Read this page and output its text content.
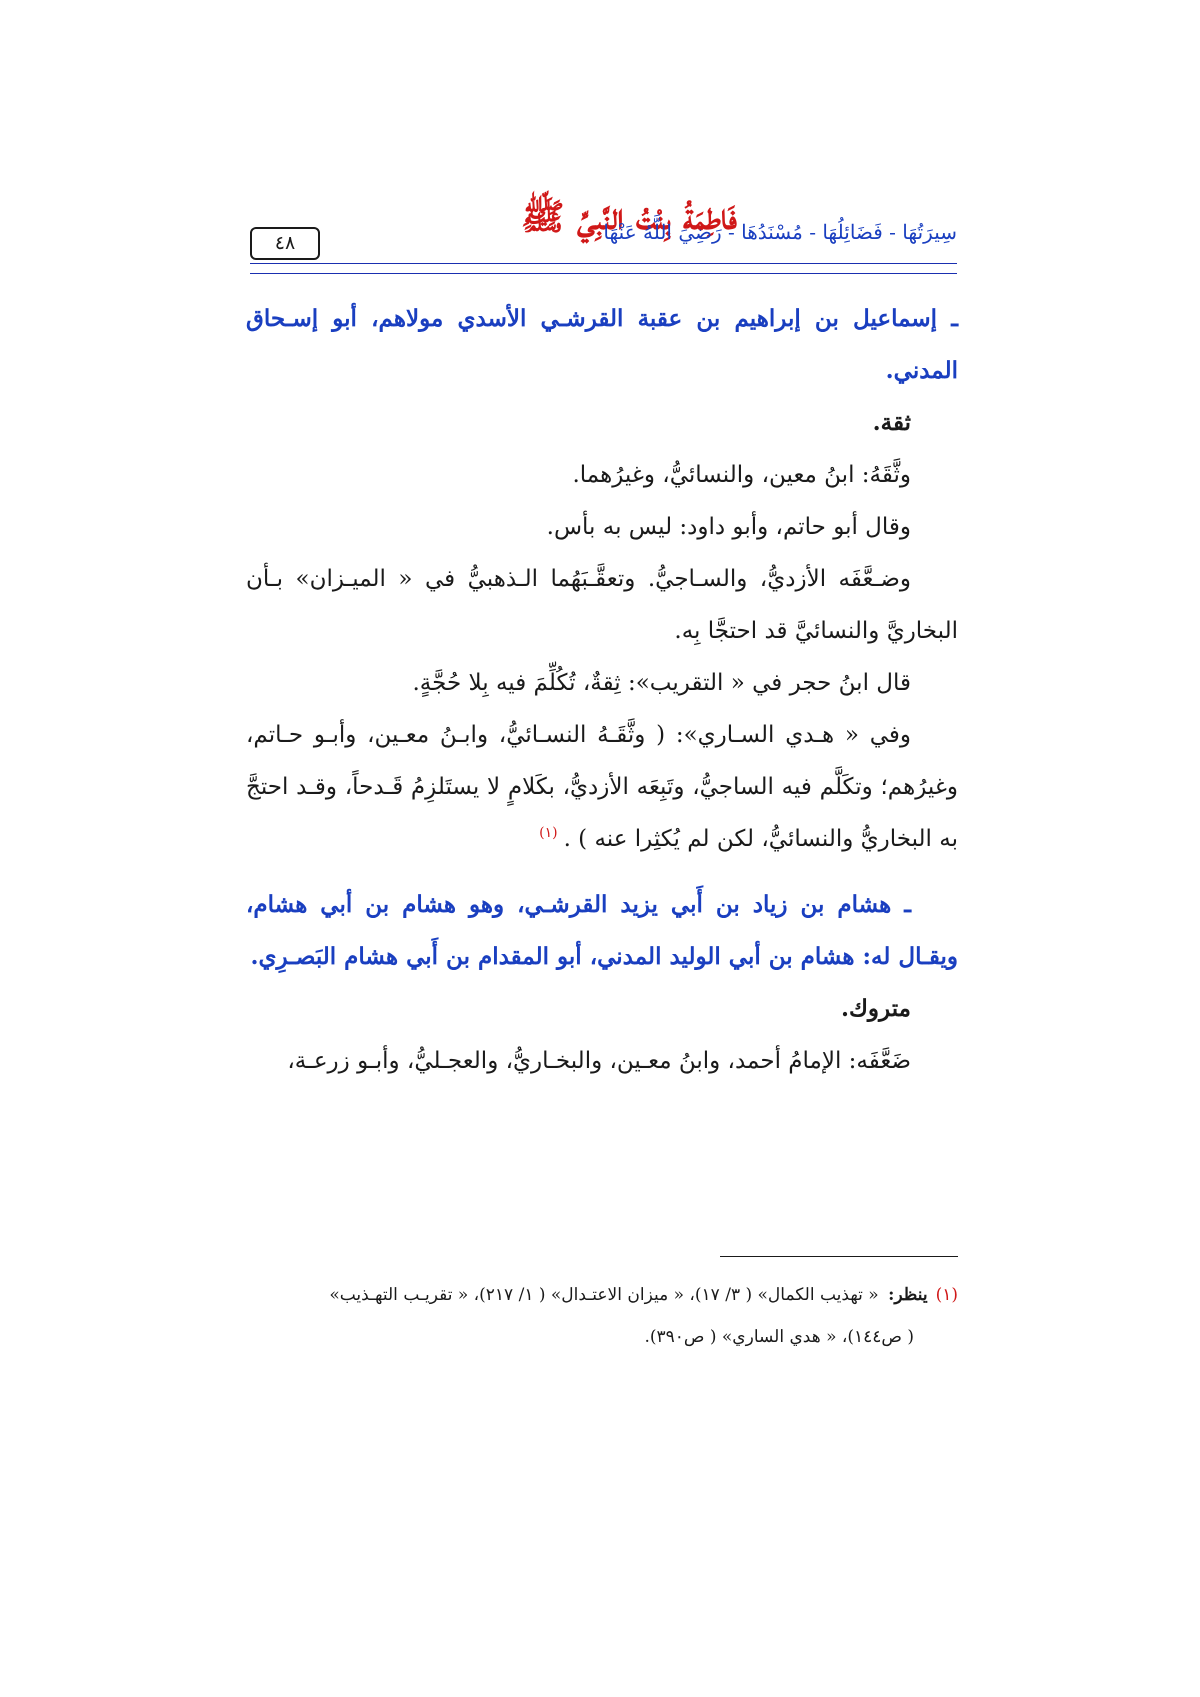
٤٨
فَاطِمَةُ بِنْتُ النَّبِيِّ ﷺ
سِيرَتُهَا - فَضَائِلُهَا - مُسْنَدُهَا - رَضِيَ اللَّهُ عَنْهَا

ـ إسماعيل بن إبراهيم بن عقبة القرشـي الأسدي مولاهم، أبو إسـحاق المدني.

ثقة.

وثَّقَهُ: ابنُ معين، والنسائيُّ، وغيرُهما.

وقال أبو حاتم، وأبو داود: ليس به بأس.

وضـعَّفَه الأزديُّ، والسـاجيُّ. وتعقَّـبَهُما الـذهبيُّ في « الميـزان» بـأن البخاريَّ والنسائيَّ قد احتجَّا بِه.

قال ابنُ حجر في « التقريب»: ثِقةٌ، تُكُلِّمَ فيه بِلا حُجَّةٍ.

وفي « هـدي السـاري»: ( وثَّقَـهُ النسـائيُّ، وابـنُ معـين، وأبـو حـاتم، وغيرُهم؛ وتكَلَّم فيه الساجيُّ، وتَبِعَه الأزديُّ، بكَلامٍ لا يستَلزِمُ قَـدحاً، وقـد احتجَّ به البخاريُّ والنسائيُّ، لكن لم يُكثِرا عنه ) .$^{(١)}$

ـ هشام بن زياد بن أَبي يزيد القرشـي، وهو هشام بن أبي هشام، ويقـال له: هشام بن أبي الوليد المدني، أبو المقدام بن أَبي هشام البَصـرِي.

متروك.

ضَعَّفَه: الإمامُ أحمد، وابنُ معـين، والبخـاريُّ، والعجـليُّ، وأبـو زرعـة،

(١)ينظر: « تهذيب الكمال» ( ٣/ ١٧)، « ميزان الاعتـدال» ( ١/ ٢١٧)، « تقريـب التهـذيب»

( ص١٤٤)، « هدي الساري» ( ص٣٩٠).
